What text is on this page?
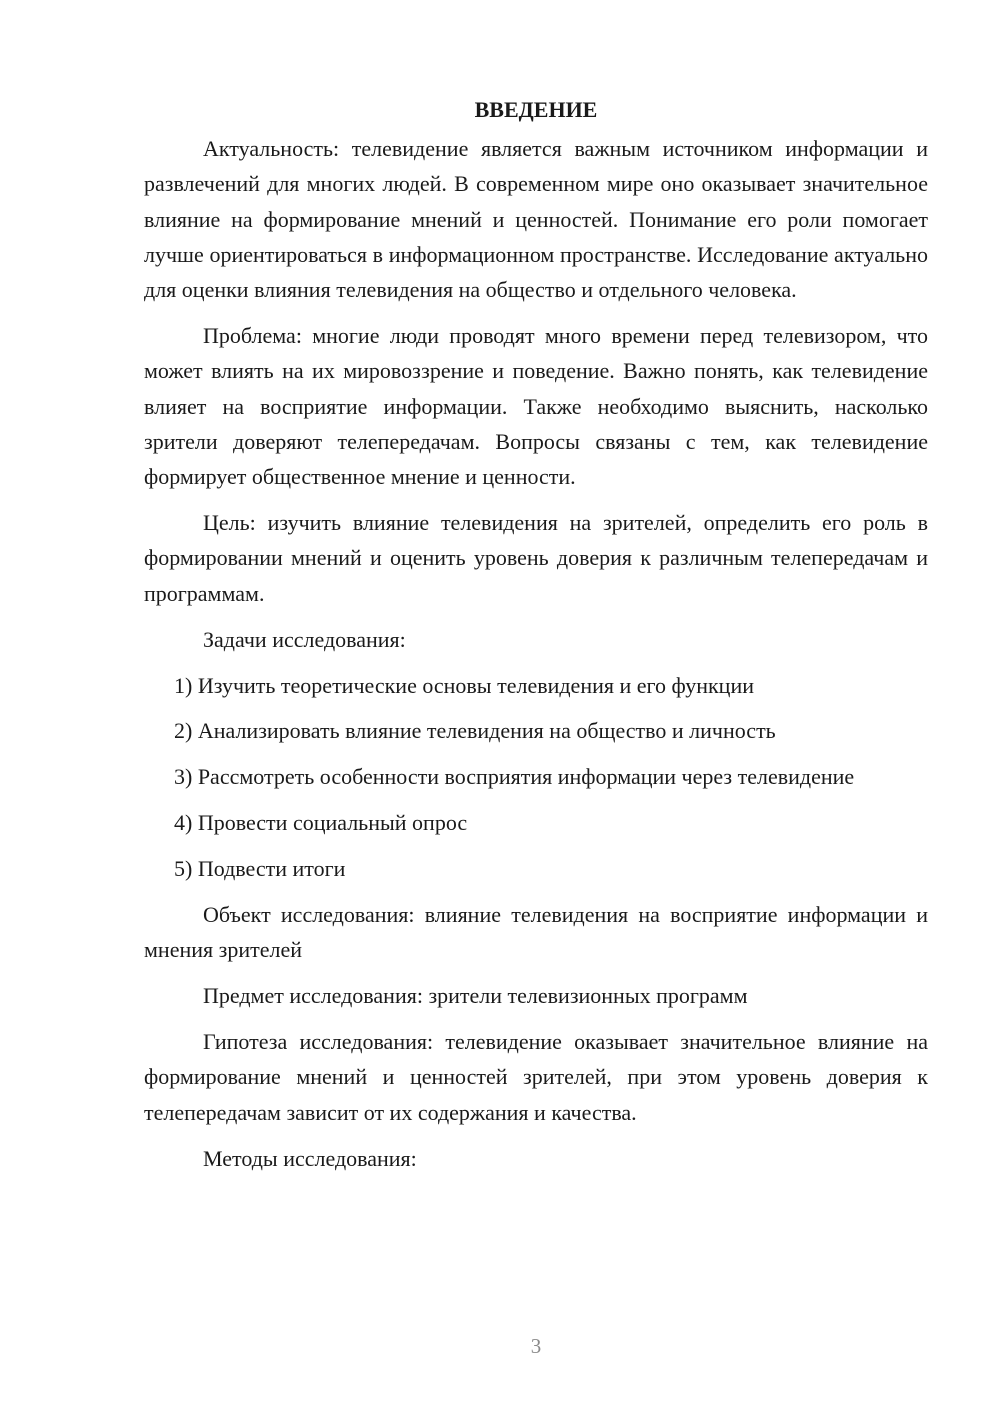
ВВЕДЕНИЕ

Актуальность: телевидение является важным источником информации и развлечений для многих людей. В современном мире оно оказывает значительное влияние на формирование мнений и ценностей. Понимание его роли помогает лучше ориентироваться в информационном пространстве. Исследование актуально для оценки влияния телевидения на общество и отдельного человека.

Проблема: многие люди проводят много времени перед телевизором, что может влиять на их мировоззрение и поведение. Важно понять, как телевидение влияет на восприятие информации. Также необходимо выяснить, насколько зрители доверяют телепередачам. Вопросы связаны с тем, как телевидение формирует общественное мнение и ценности.

Цель: изучить влияние телевидения на зрителей, определить его роль в формировании мнений и оценить уровень доверия к различным телепередачам и программам.

Задачи исследования:

1) Изучить теоретические основы телевидения и его функции

2) Анализировать влияние телевидения на общество и личность

3) Рассмотреть особенности восприятия информации через телевидение

4) Провести социальный опрос

5) Подвести итоги

Объект исследования: влияние телевидения на восприятие информации и мнения зрителей

Предмет исследования: зрители телевизионных программ

Гипотеза исследования: телевидение оказывает значительное влияние на формирование мнений и ценностей зрителей, при этом уровень доверия к телепередачам зависит от их содержания и качества.

Методы исследования:

3
